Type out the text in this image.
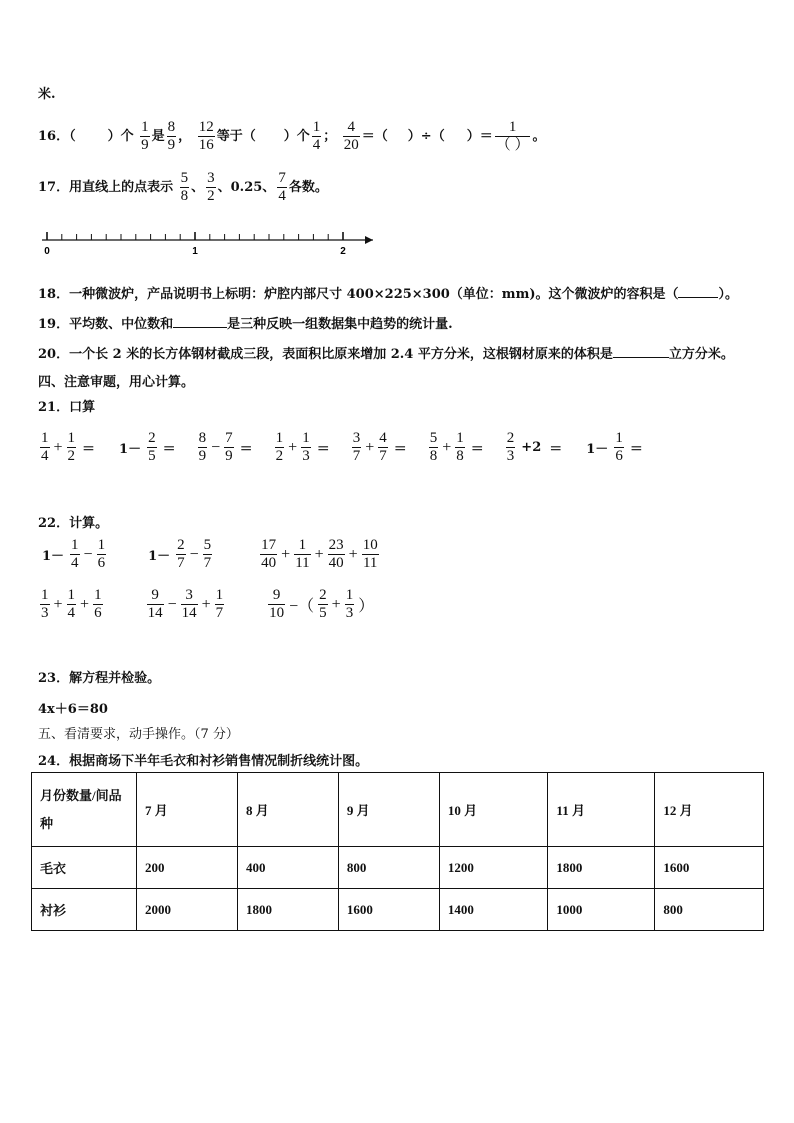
米.
16．（ ）个 $\frac{1}{9}$ 是 $\frac{8}{9}$ ， $\frac{12}{16}$ 等于（ ）个 $\frac{1}{4}$ ； $\frac{4}{20}$ ＝（ ）÷（ ）＝ $\frac{1}{( )}$ 。
17．用直线上的点表示 $\frac{5}{8}$ 、 $\frac{3}{2}$ 、0.25、 $\frac{7}{4}$ 各数。
0	1	2
18．一种微波炉，产品说明书上标明：炉腔内部尺寸 400×225×300（单位：mm)。这个微波炉的容积是（	）。
19．平均数、中位数和	是三种反映一组数据集中趋势的统计量.
20．一个长 2 米的长方体钢材截成三段，表面积比原来增加 2.4 平方分米，这根钢材原来的体积是	立方分米。
四、注意审题，用心计算。
21．口算
$\frac{1}{4} + \frac{1}{2} = 1- \frac{2}{5} = \frac{8}{9} - \frac{7}{9} = \frac{1}{2} + \frac{1}{3} = \frac{3}{7} + \frac{4}{7} = \frac{5}{8} + \frac{1}{8} = \frac{2}{3} +2 = 1- \frac{1}{6}$ ＝
22．计算。
$1- \frac{1}{4} - \frac{1}{6}$	$1- \frac{2}{7} - \frac{5}{7}$	$\frac{17}{40} + \frac{1}{11} + \frac{23}{40} + \frac{10}{11}$
$\frac{1}{3} + \frac{1}{4} + \frac{1}{6}$	$\frac{9}{14} - \frac{3}{14} + \frac{1}{7}$	$\frac{9}{10}$ −（ $\frac{2}{5} + \frac{1}{3}$ ）
23．解方程并检验。
4x＋6＝80
五、看清要求，动手操作。（7 分）
24．根据商场下半年毛衣和衬衫销售情况制折线统计图。
月份数量/间品种	7 月	8 月	9 月	10 月	11 月	12 月
毛衣	200	400	800	1200	1800	1600
衬衫	2000	1800	1600	1400	1000	800
